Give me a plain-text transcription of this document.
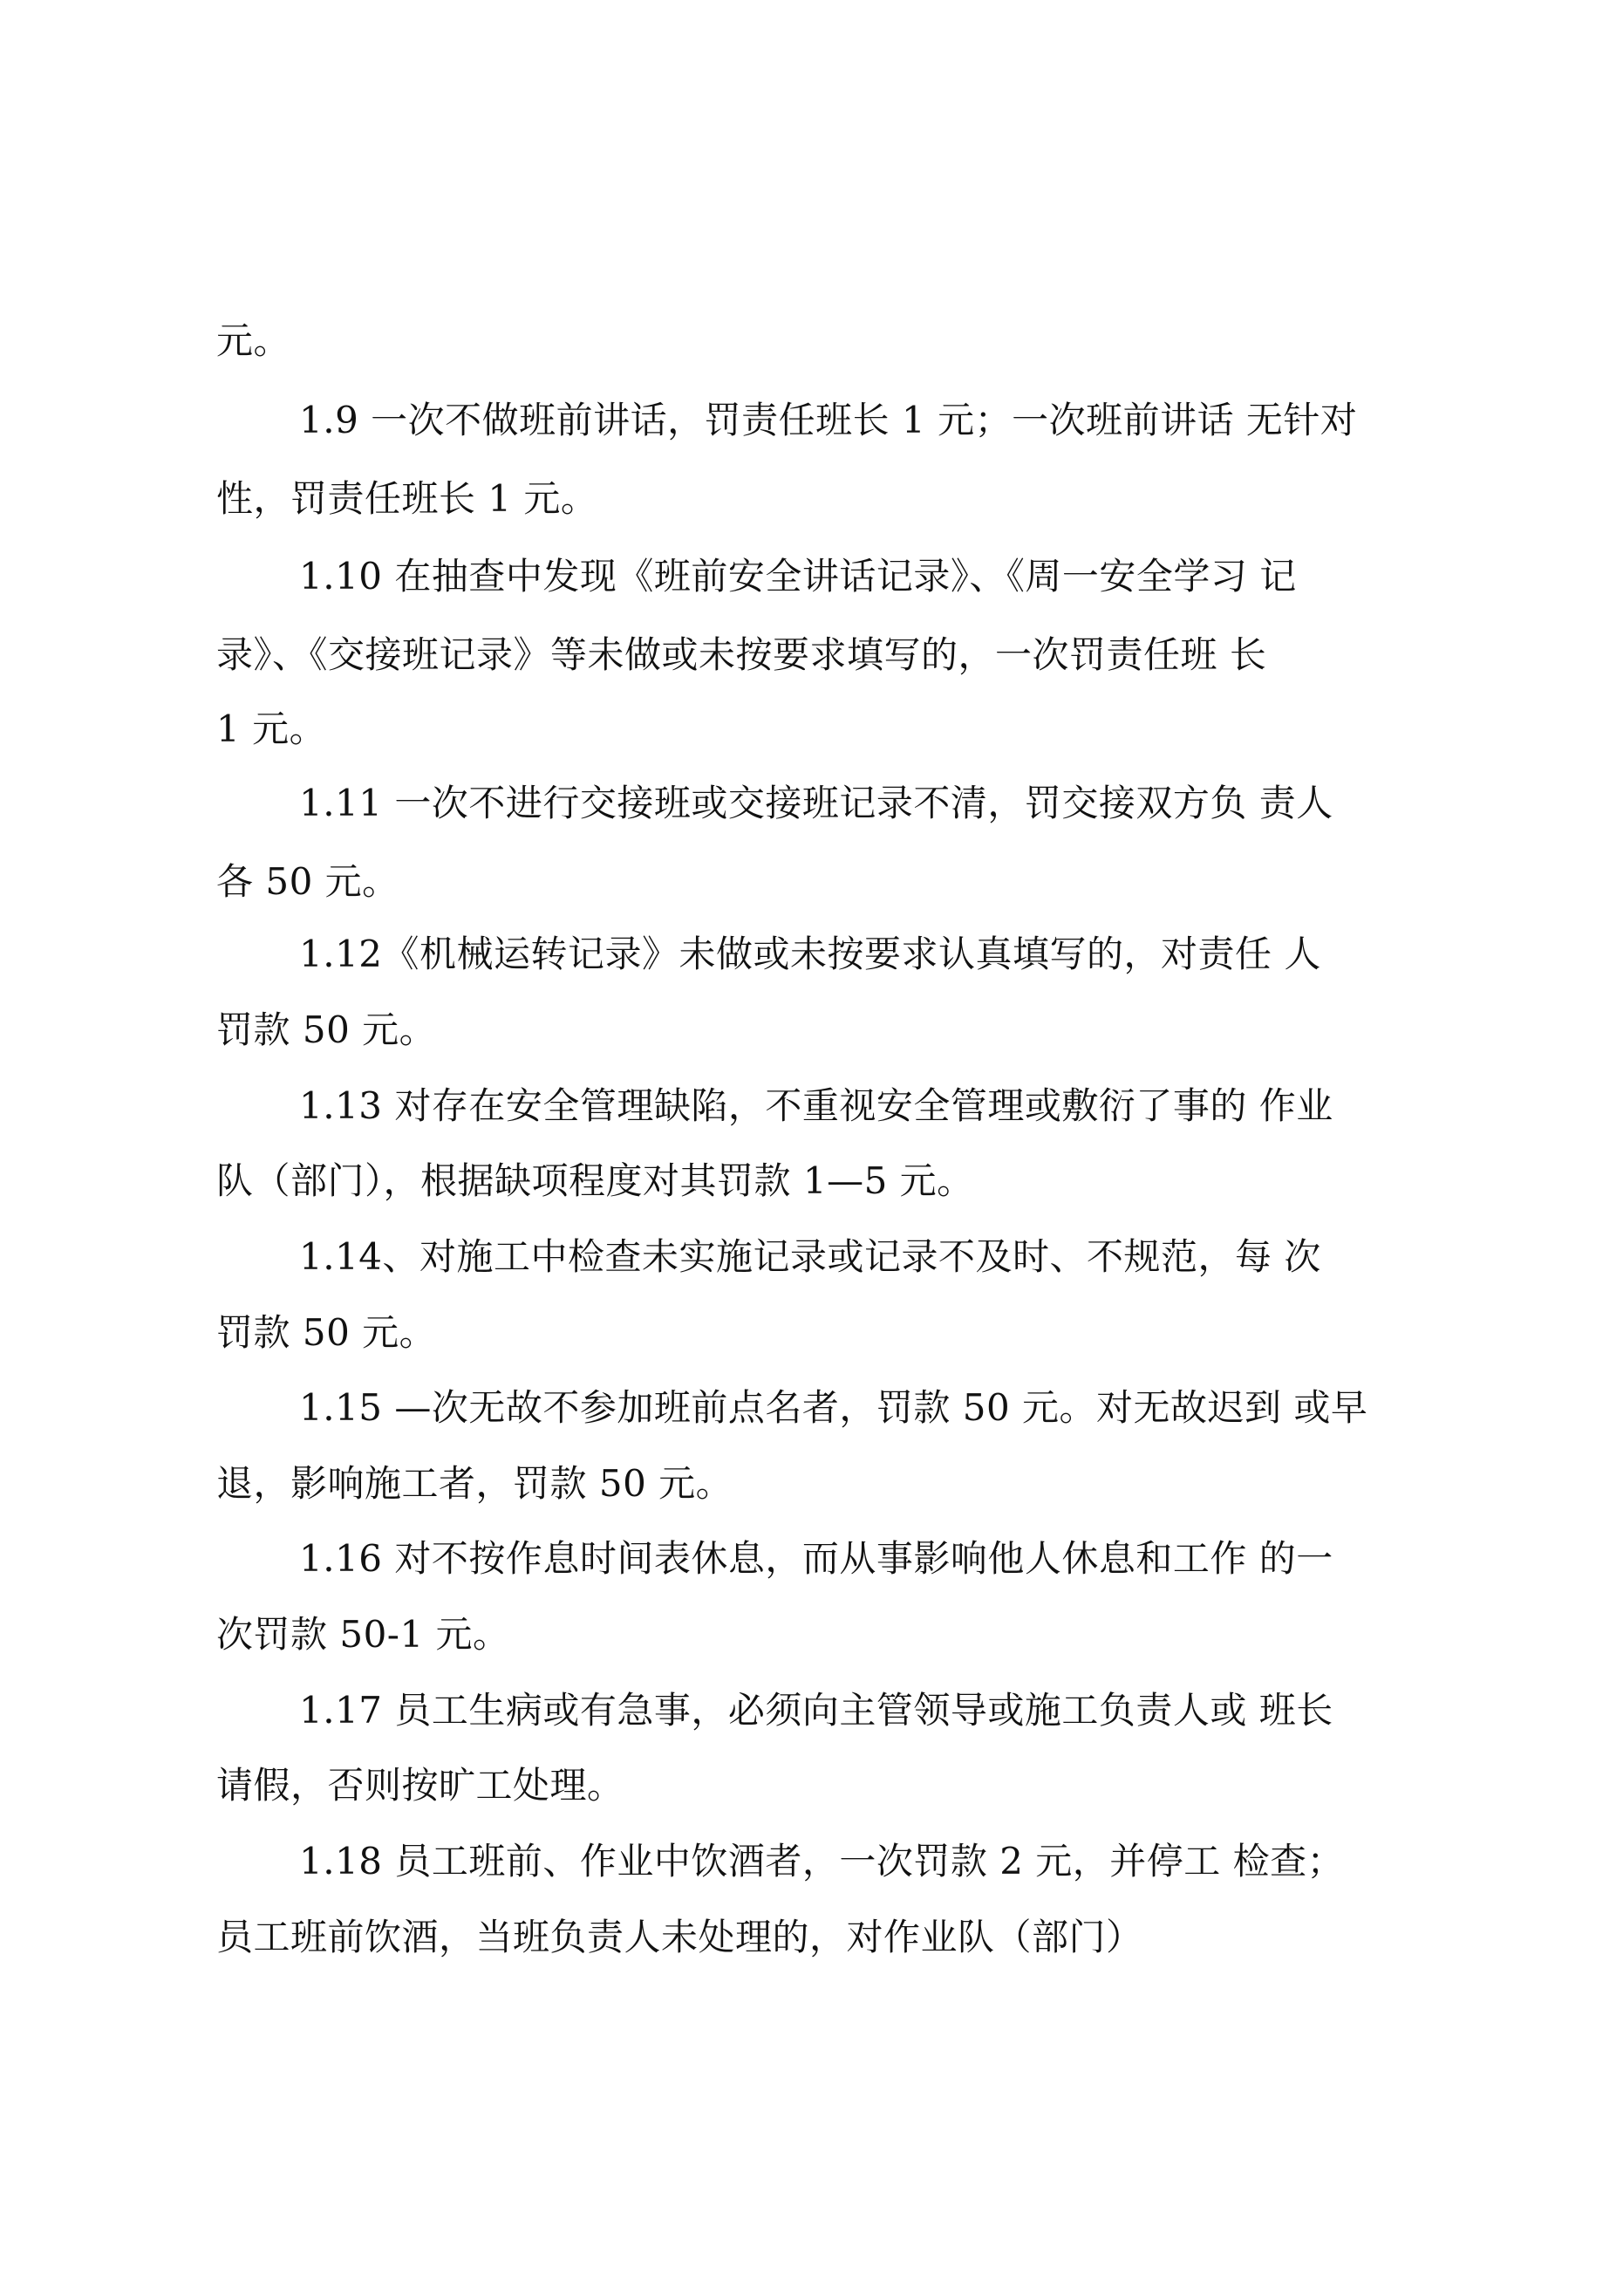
元。
1.9 一次不做班前讲话，罚责任班长 1 元；一次班前讲话 无针对
性，罚责任班长 1 元。
1.10 在抽查中发现《班前安全讲话记录》、《周一安全学习 记
录》、《交接班记录》等未做或未按要求填写的，一次罚责任班 长
1 元。
1.11 一次不进行交接班或交接班记录不清，罚交接双方负 责人
各 50 元。
1.12《机械运转记录》未做或未按要求认真填写的，对责任 人
罚款 50 元。
1.13 对存在安全管理缺陷，不重视安全管理或敷衍了事的 作业
队（部门），根据缺项程度对其罚款 1—5 元。
1.14、对施工中检查未实施记录或记录不及时、不规范，每 次
罚款 50 元。
1.15 —次无故不参加班前点名者，罚款 50 元。对无故迟到 或早
退，影响施工者，罚款 50 元。
1.16 对不按作息时间表休息，而从事影响他人休息和工作 的一
次罚款 50-1 元。
1.17 员工生病或有急事，必须向主管领导或施工负责人或 班长
请假，否则按旷工处理。
1.18 员工班前、作业中饮酒者，一次罚款 2 元，并停工 检查；
员工班前饮酒，当班负责人未处理的，对作业队（部门）
